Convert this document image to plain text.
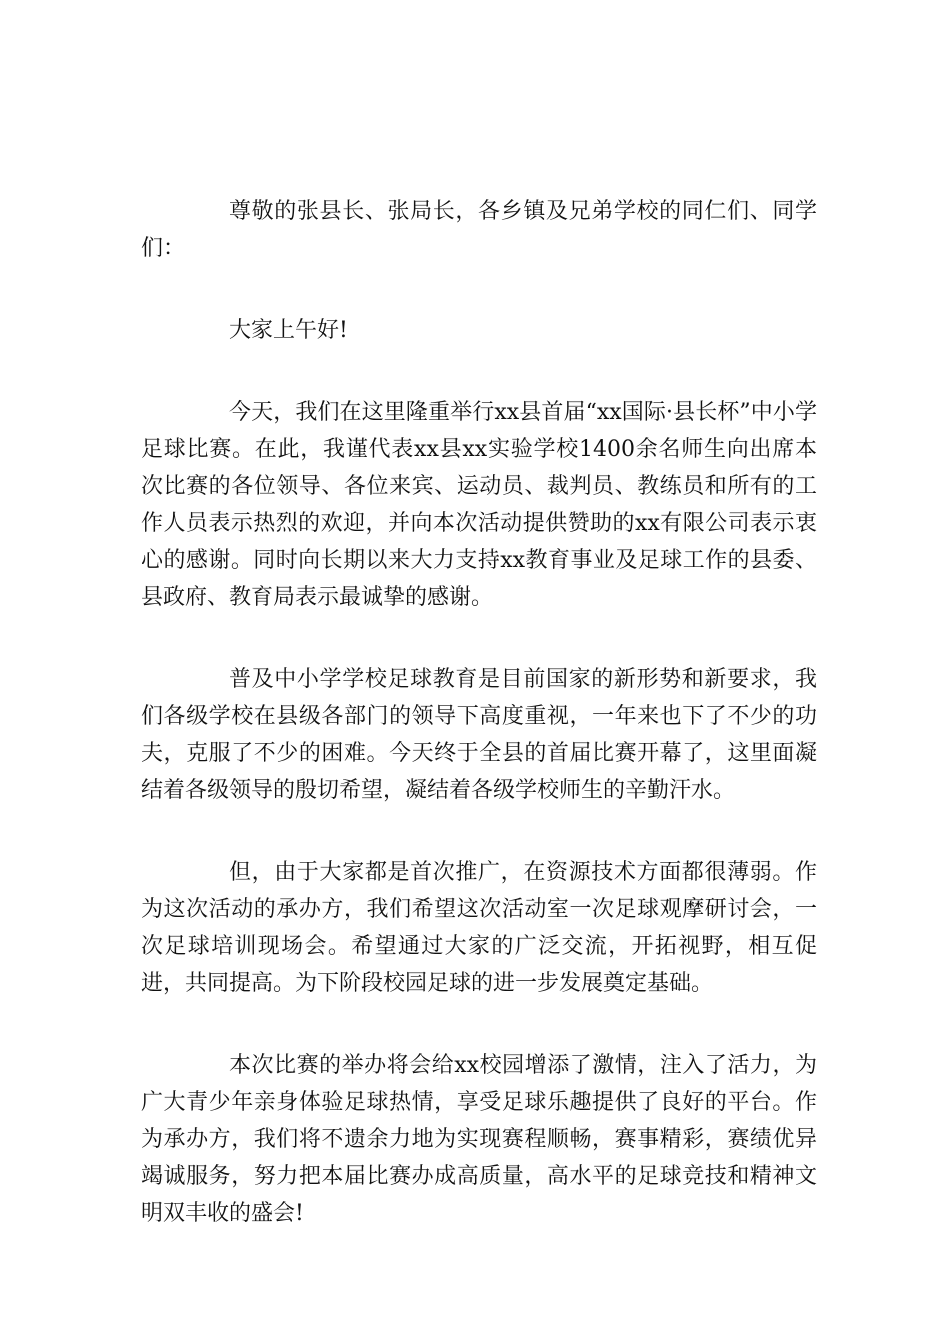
尊敬的张县长、张局长，各乡镇及兄弟学校的同仁们、同学们：

大家上午好!

今天，我们在这里隆重举行xx县首届“xx国际·县长杯”中小学足球比赛。在此，我谨代表xx县xx实验学校1400余名师生向出席本次比赛的各位领导、各位来宾、运动员、裁判员、教练员和所有的工作人员表示热烈的欢迎，并向本次活动提供赞助的xx有限公司表示衷心的感谢。同时向长期以来大力支持xx教育事业及足球工作的县委、县政府、教育局表示最诚挚的感谢。

普及中小学学校足球教育是目前国家的新形势和新要求，我们各级学校在县级各部门的领导下高度重视，一年来也下了不少的功夫，克服了不少的困难。今天终于全县的首届比赛开幕了，这里面凝结着各级领导的殷切希望，凝结着各级学校师生的辛勤汗水。

但，由于大家都是首次推广，在资源技术方面都很薄弱。作为这次活动的承办方，我们希望这次活动室一次足球观摩研讨会，一次足球培训现场会。希望通过大家的广泛交流，开拓视野，相互促进，共同提高。为下阶段校园足球的进一步发展奠定基础。

本次比赛的举办将会给xx校园增添了激情，注入了活力，为广大青少年亲身体验足球热情，享受足球乐趣提供了良好的平台。作为承办方，我们将不遗余力地为实现赛程顺畅，赛事精彩，赛绩优异竭诚服务，努力把本届比赛办成高质量，高水平的足球竞技和精神文明双丰收的盛会!
